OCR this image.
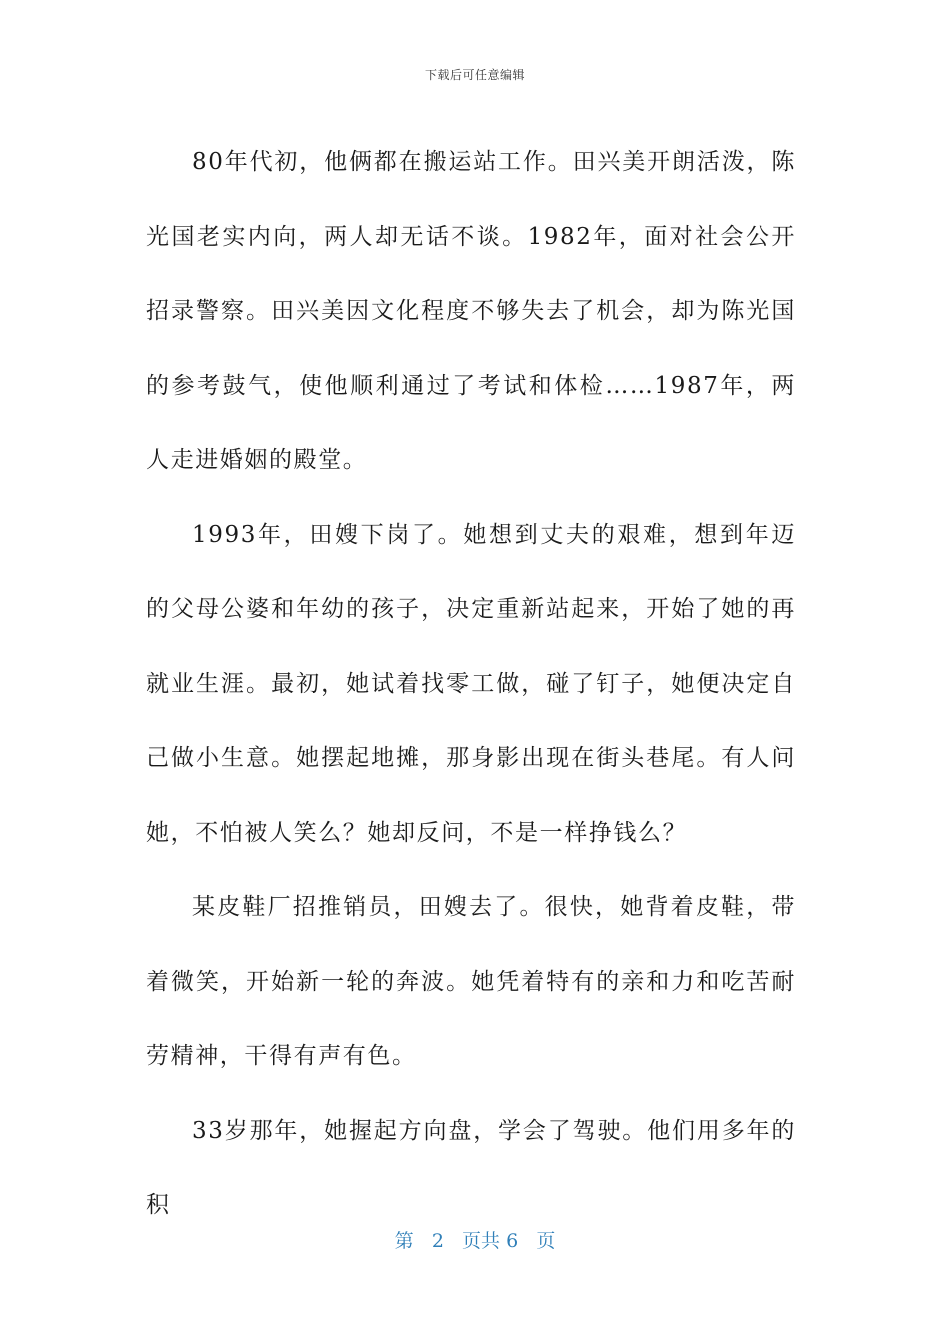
下载后可任意编辑

80年代初，他俩都在搬运站工作。田兴美开朗活泼，陈光国老实内向，两人却无话不谈。1982年，面对社会公开招录警察。田兴美因文化程度不够失去了机会，却为陈光国的参考鼓气，使他顺利通过了考试和体检……1987年，两人走进婚姻的殿堂。

1993年，田嫂下岗了。她想到丈夫的艰难，想到年迈的父母公婆和年幼的孩子，决定重新站起来，开始了她的再就业生涯。最初，她试着找零工做，碰了钉子，她便决定自己做小生意。她摆起地摊，那身影出现在街头巷尾。有人问她，不怕被人笑么？她却反问，不是一样挣钱么？

某皮鞋厂招推销员，田嫂去了。很快，她背着皮鞋，带着微笑，开始新一轮的奔波。她凭着特有的亲和力和吃苦耐劳精神，干得有声有色。

33岁那年，她握起方向盘，学会了驾驶。他们用多年的积

第 2 页共 6 页
